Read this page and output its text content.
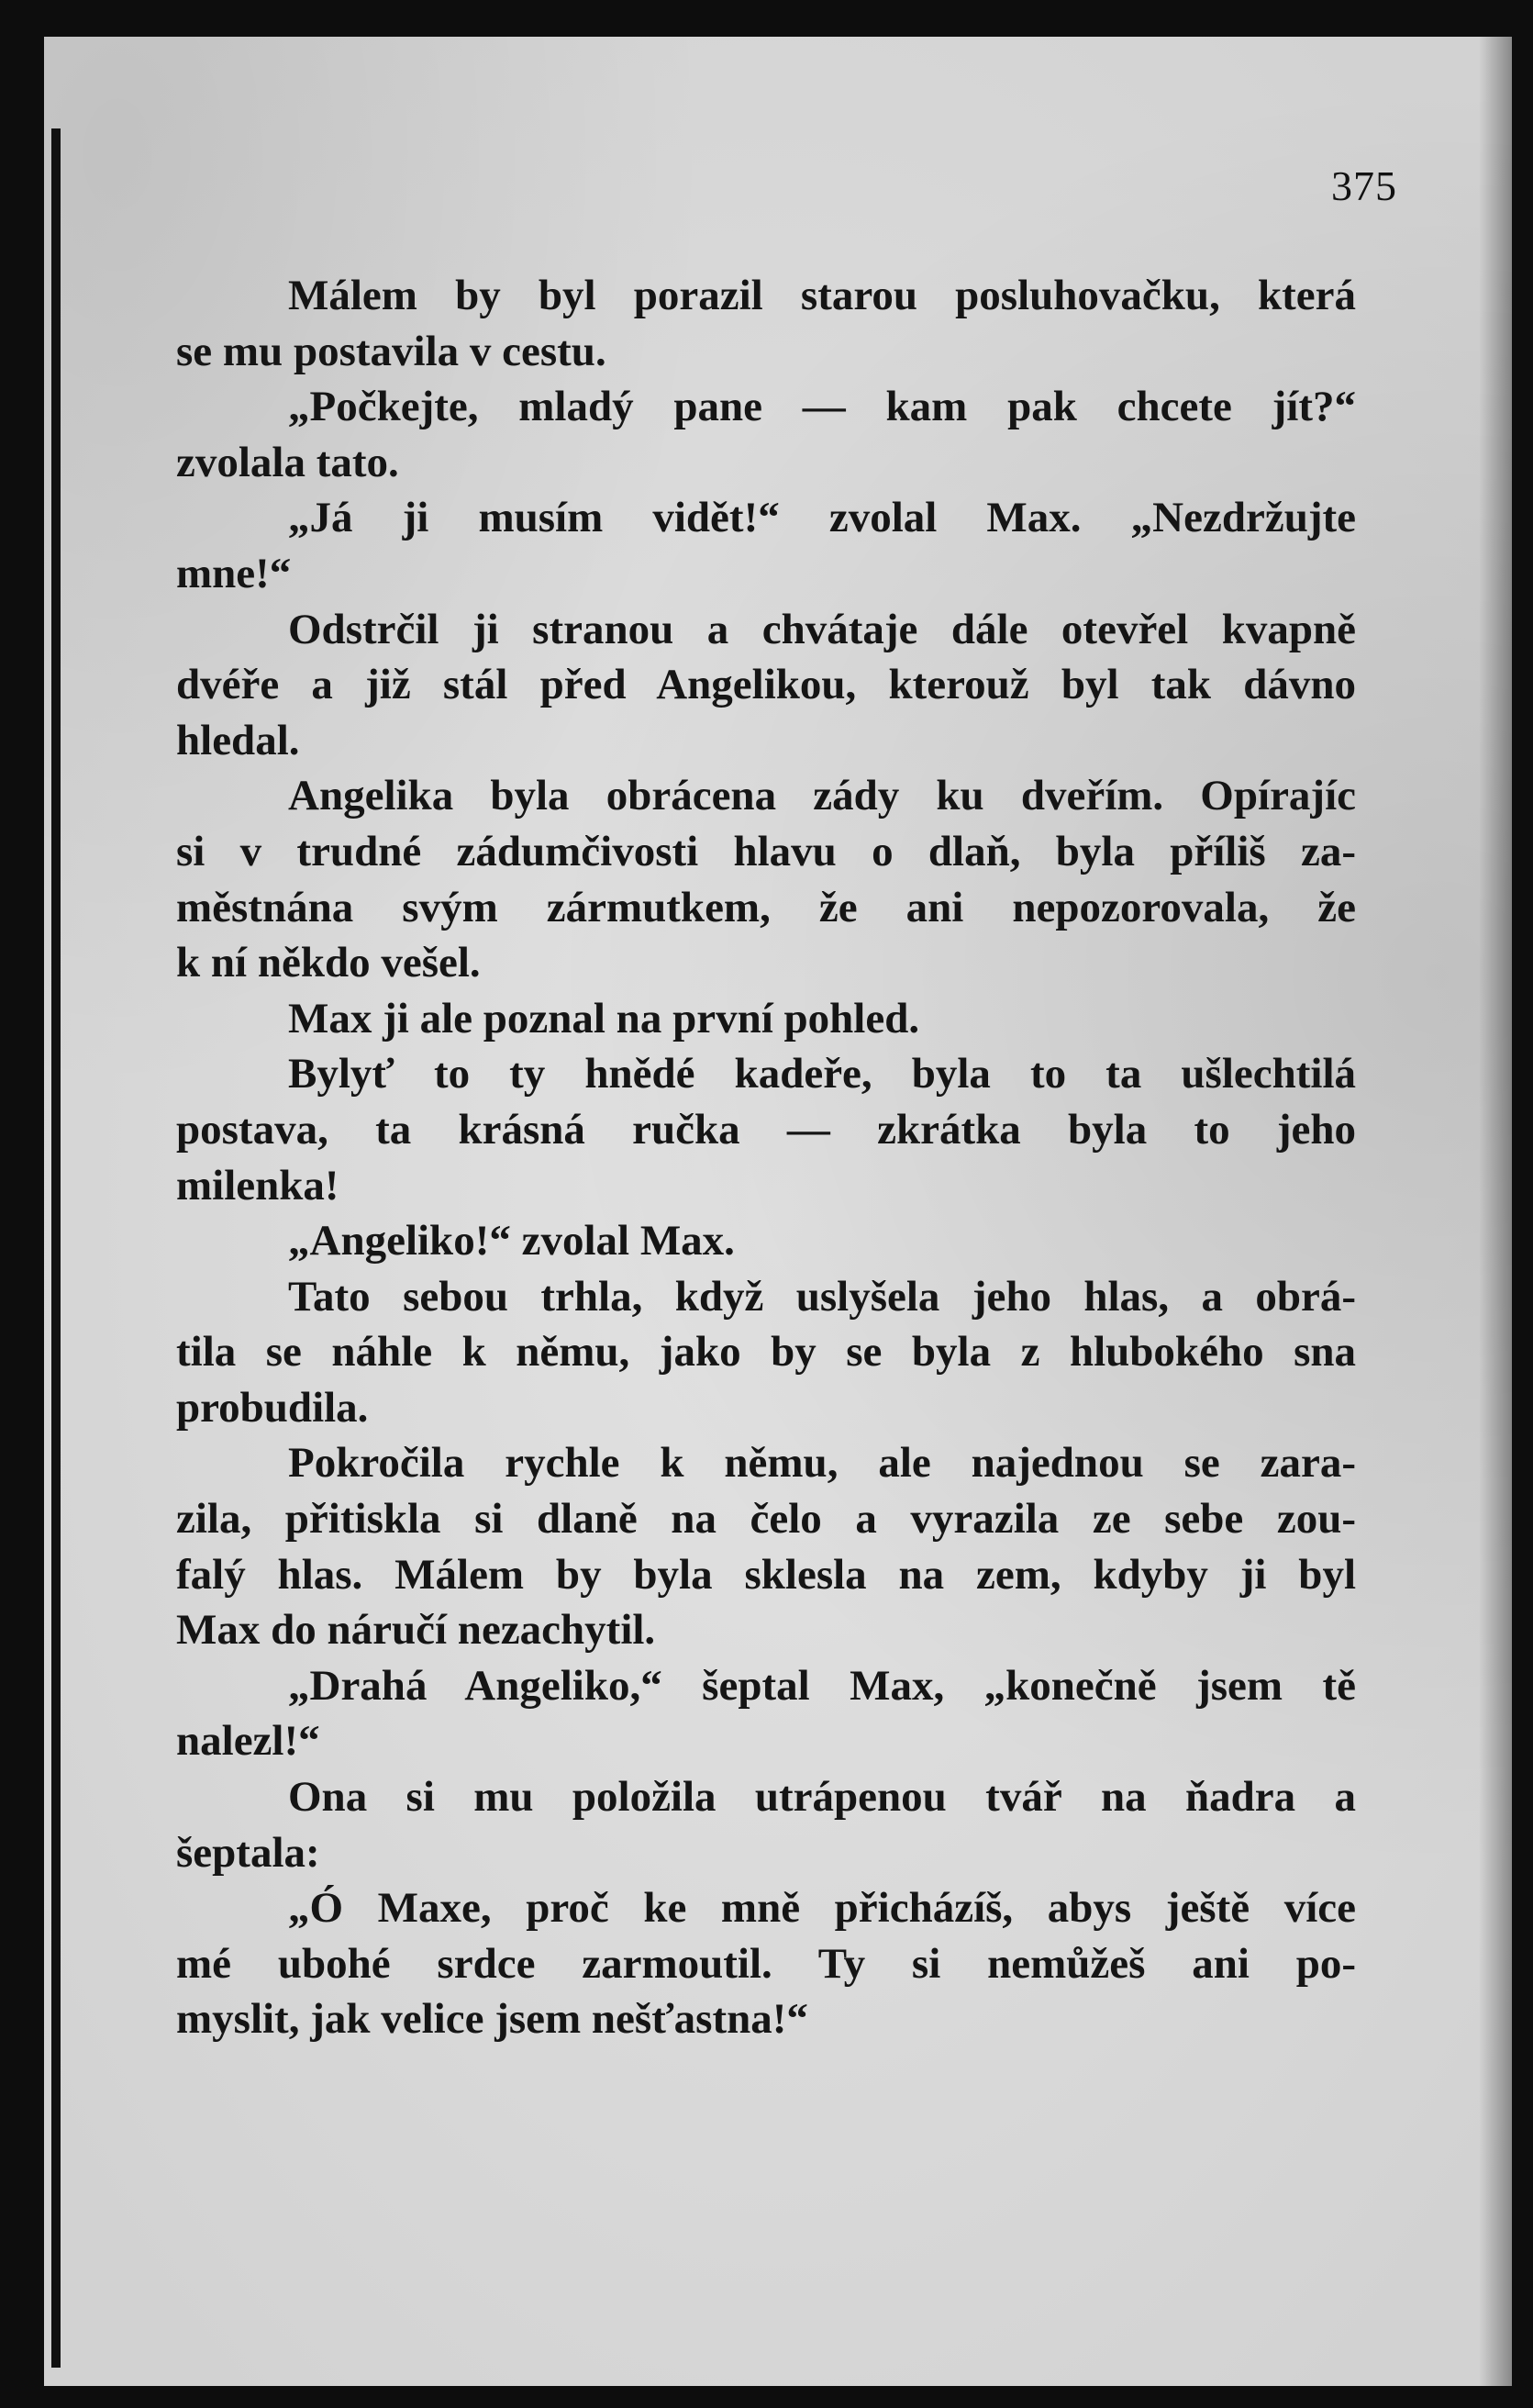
375
Málem by byl porazil starou posluhovačku, která
se mu postavila v cestu.
„Počkejte, mladý pane — kam pak chcete jít?“
zvolala tato.
„Já ji musím vidět!“ zvolal Max. „Nezdržujte
mne!“
Odstrčil ji stranou a chvátaje dále otevřel kvapně
dvéře a již stál před Angelikou, kterouž byl tak dávno
hledal.
Angelika byla obrácena zády ku dveřím. Opírajíc
si v trudné zádumčivosti hlavu o dlaň, byla příliš za-
městnána svým zármutkem, že ani nepozorovala, že
k ní někdo vešel.
Max ji ale poznal na první pohled.
Bylyť to ty hnědé kadeře, byla to ta ušlechtilá
postava, ta krásná ručka — zkrátka byla to jeho
milenka!
„Angeliko!“ zvolal Max.
Tato sebou trhla, když uslyšela jeho hlas, a obrá-
tila se náhle k němu, jako by se byla z hlubokého sna
probudila.
Pokročila rychle k němu, ale najednou se zara-
zila, přitiskla si dlaně na čelo a vyrazila ze sebe zou-
falý hlas. Málem by byla sklesla na zem, kdyby ji byl
Max do náručí nezachytil.
„Drahá Angeliko,“ šeptal Max, „konečně jsem tě
nalezl!“
Ona si mu položila utrápenou tvář na ňadra a
šeptala:
„Ó Maxe, proč ke mně přicházíš, abys ještě více
mé ubohé srdce zarmoutil. Ty si nemůžeš ani po-
myslit, jak velice jsem nešťastna!“
